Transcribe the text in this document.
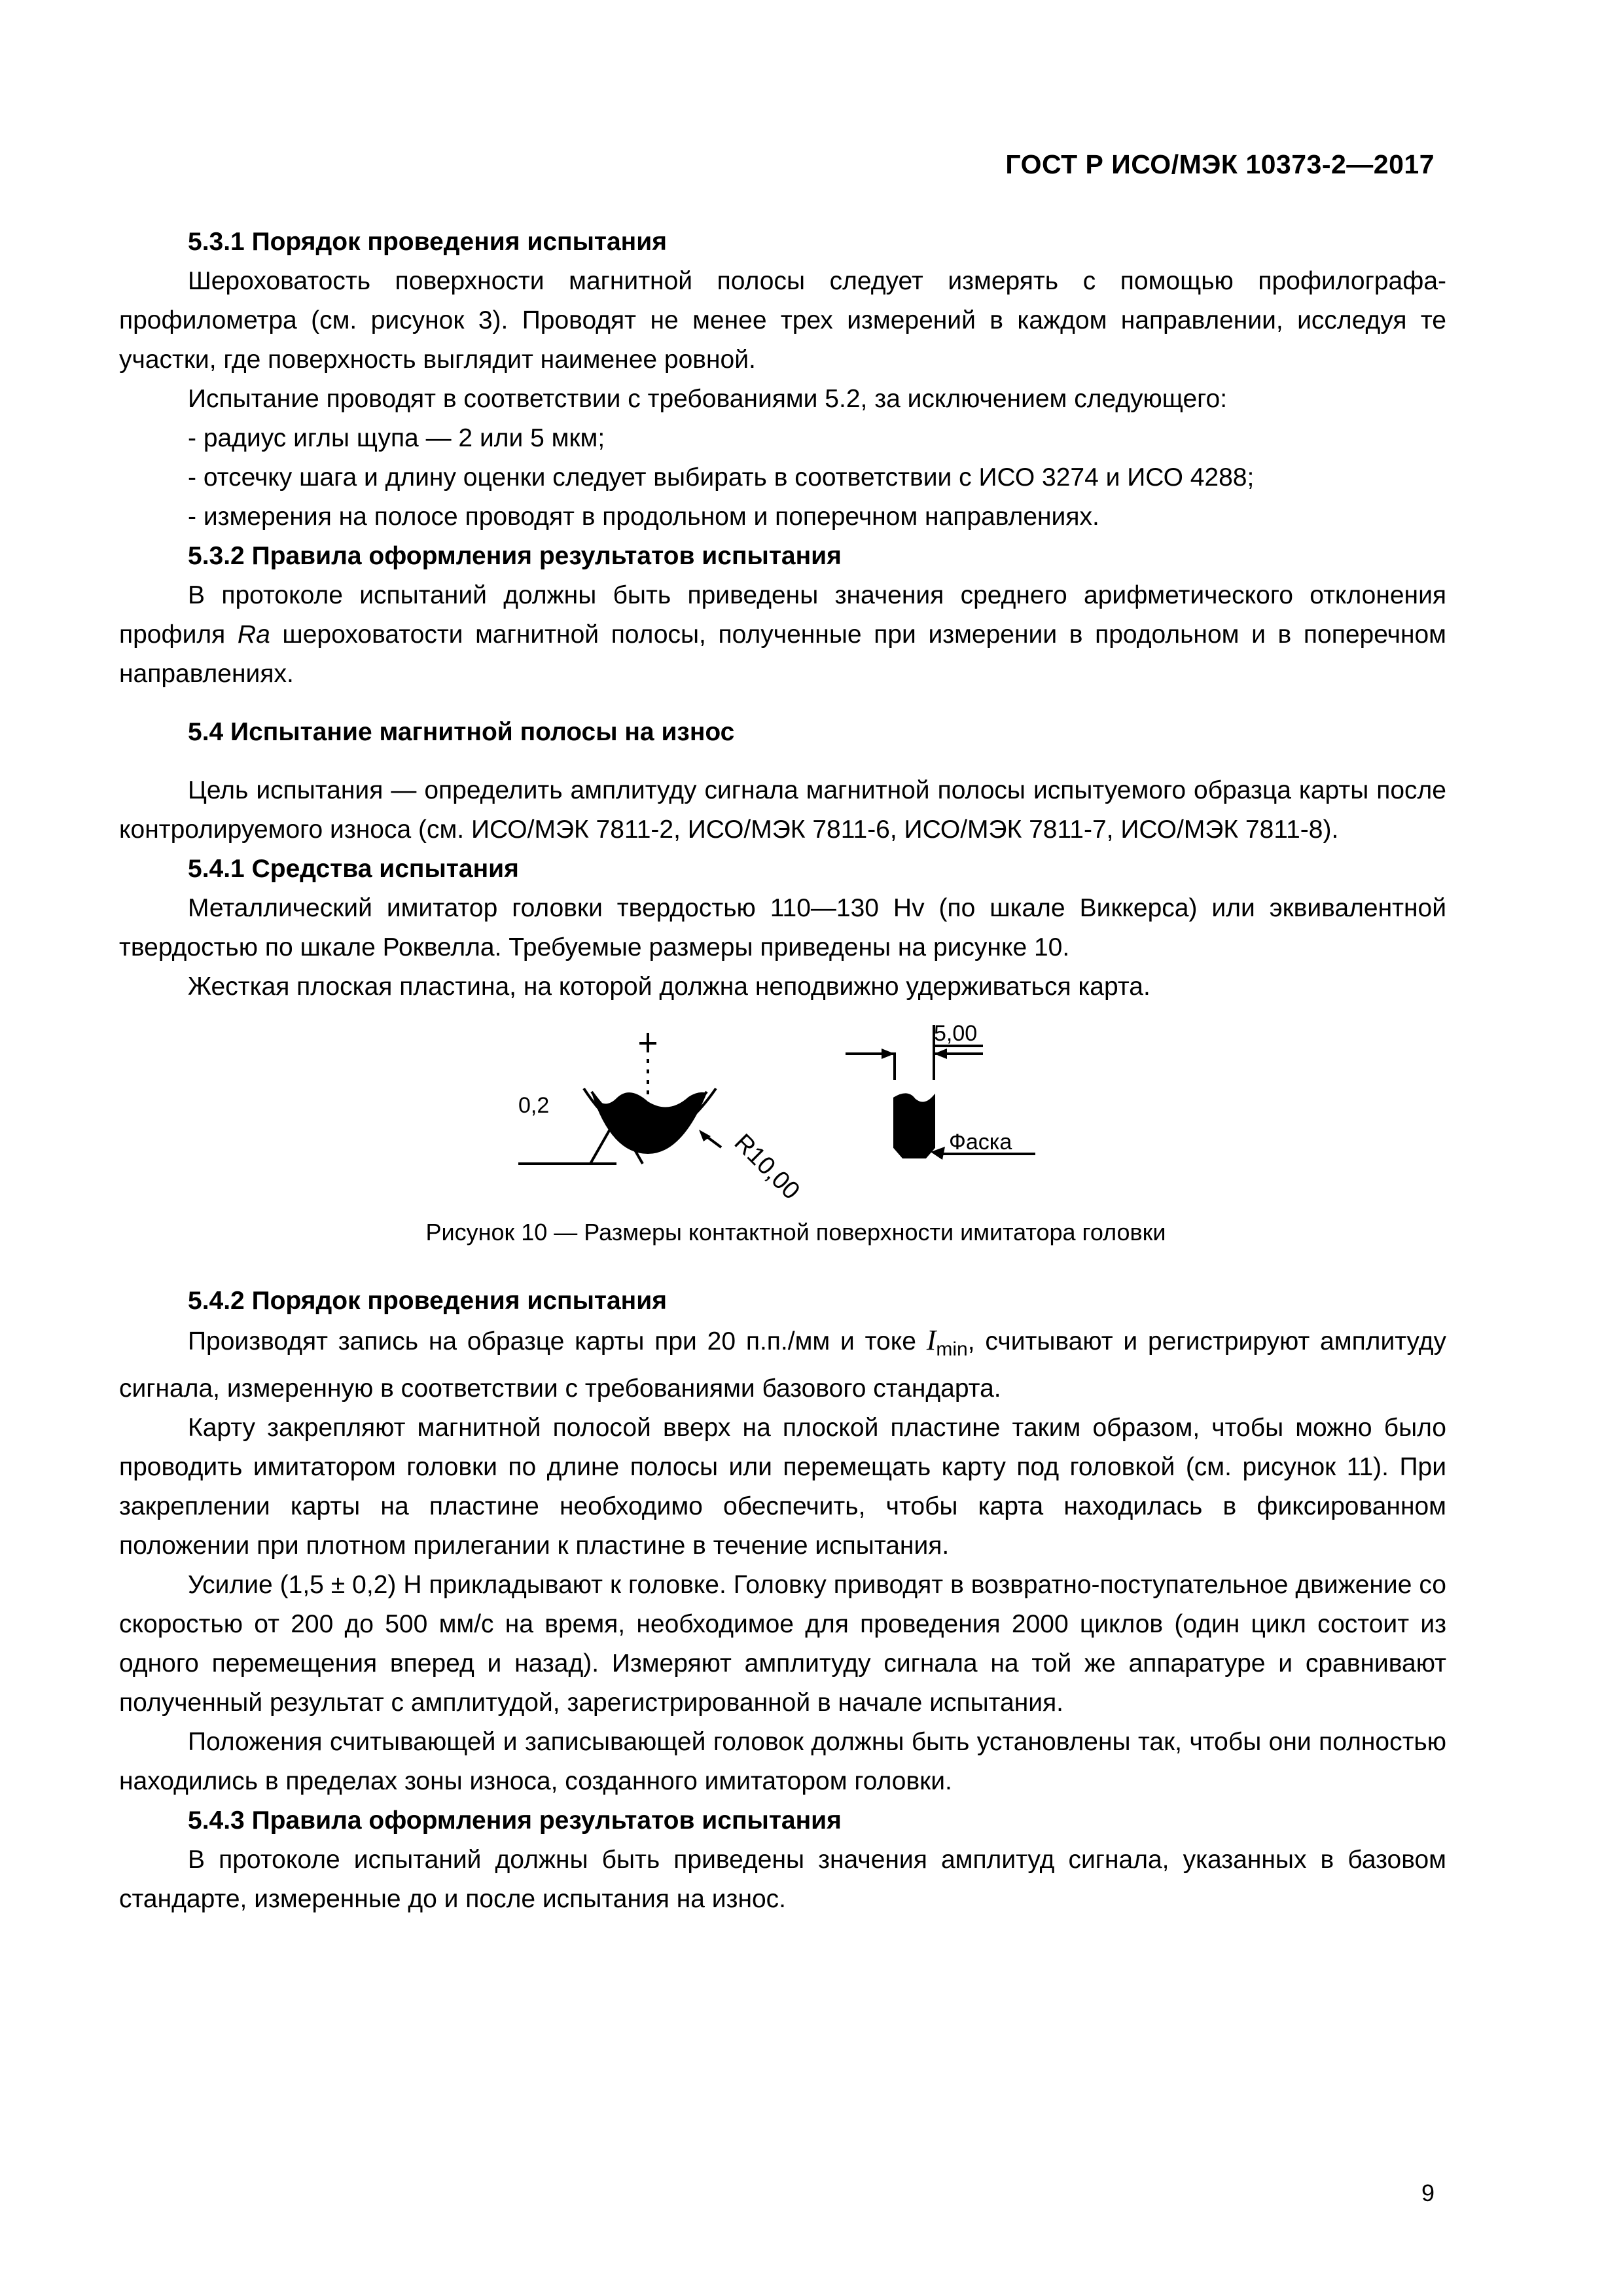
ГОСТ Р ИСО/МЭК 10373-2—2017
5.3.1 Порядок проведения испытания

Шероховатость поверхности магнитной полосы следует измерять с помощью профилографа-профилометра (см. рисунок 3). Проводят не менее трех измерений в каждом направлении, исследуя те участки, где поверхность выглядит наименее ровной.

Испытание проводят в соответствии с требованиями 5.2, за исключением следующего:

- радиус иглы щупа — 2 или 5 мкм;

- отсечку шага и длину оценки следует выбирать в соответствии с ИСО 3274 и ИСО 4288;

- измерения на полосе проводят в продольном и поперечном направлениях.

5.3.2 Правила оформления результатов испытания

В протоколе испытаний должны быть приведены значения среднего арифметического отклонения профиля Ra шероховатости магнитной полосы, полученные при измерении в продольном и в поперечном направлениях.

5.4 Испытание магнитной полосы на износ

Цель испытания — определить амплитуду сигнала магнитной полосы испытуемого образца карты после контролируемого износа (см. ИСО/МЭК 7811-2, ИСО/МЭК 7811-6, ИСО/МЭК 7811-7, ИСО/МЭК 7811-8).

5.4.1 Средства испытания

Металлический имитатор головки твердостью 110—130 Hv (по шкале Виккерса) или эквивалентной твердостью по шкале Роквелла. Требуемые размеры приведены на рисунке 10.

Жесткая плоская пластина, на которой должна неподвижно удерживаться карта.

0,2
R10,00
5,00
Фаска
Рисунок 10 — Размеры контактной поверхности имитатора головки
5.4.2 Порядок проведения испытания

Производят запись на образце карты при 20 п.п./мм и токе $I_{min}$, считывают и регистрируют амплитуду сигнала, измеренную в соответствии с требованиями базового стандарта.

Карту закрепляют магнитной полосой вверх на плоской пластине таким образом, чтобы можно было проводить имитатором головки по длине полосы или перемещать карту под головкой (см. рисунок 11). При закреплении карты на пластине необходимо обеспечить, чтобы карта находилась в фиксированном положении при плотном прилегании к пластине в течение испытания.

Усилие (1,5 ± 0,2) Н прикладывают к головке. Головку приводят в возвратно-поступательное движение со скоростью от 200 до 500 мм/с на время, необходимое для проведения 2000 циклов (один цикл состоит из одного перемещения вперед и назад). Измеряют амплитуду сигнала на той же аппаратуре и сравнивают полученный результат с амплитудой, зарегистрированной в начале испытания.

Положения считывающей и записывающей головок должны быть установлены так, чтобы они полностью находились в пределах зоны износа, созданного имитатором головки.

5.4.3 Правила оформления результатов испытания

В протоколе испытаний должны быть приведены значения амплитуд сигнала, указанных в базовом стандарте, измеренные до и после испытания на износ.

9
